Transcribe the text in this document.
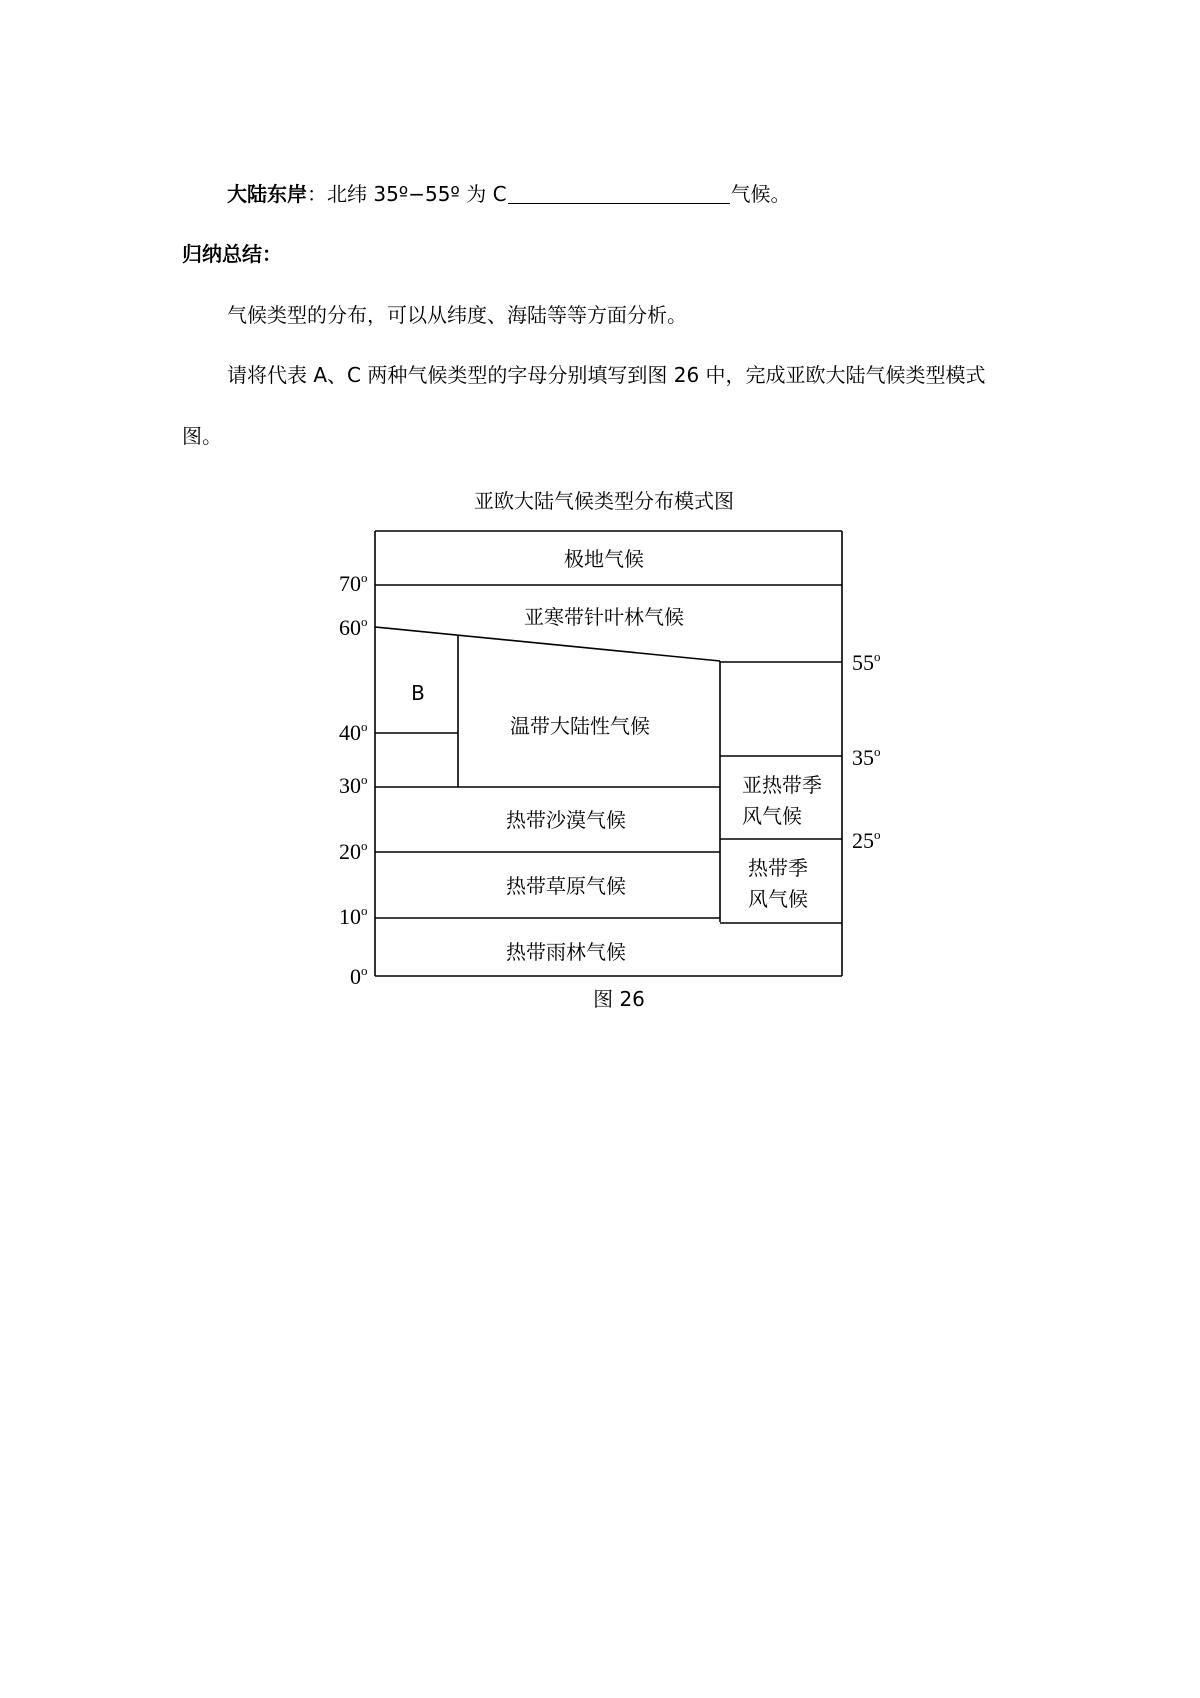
大陆东岸：北纬 35º−55º 为 C	气候。
归纳总结：
气候类型的分布，可以从纬度、海陆等等方面分析。
请将代表 A、C 两种气候类型的字母分别填写到图 26 中，完成亚欧大陆气候类型模式
图。
亚欧大陆气候类型分布模式图
70$^o$
60$^o$
40$^o$
30$^o$
20$^o$
10$^o$
0$^o$
55$^o$
35$^o$
25$^o$
极地气候
亚寒带针叶林气候
B
温带大陆性气候
热带沙漠气候
热带草原气候
热带雨林气候
亚热带季
风气候
热带季
风气候
图 26
